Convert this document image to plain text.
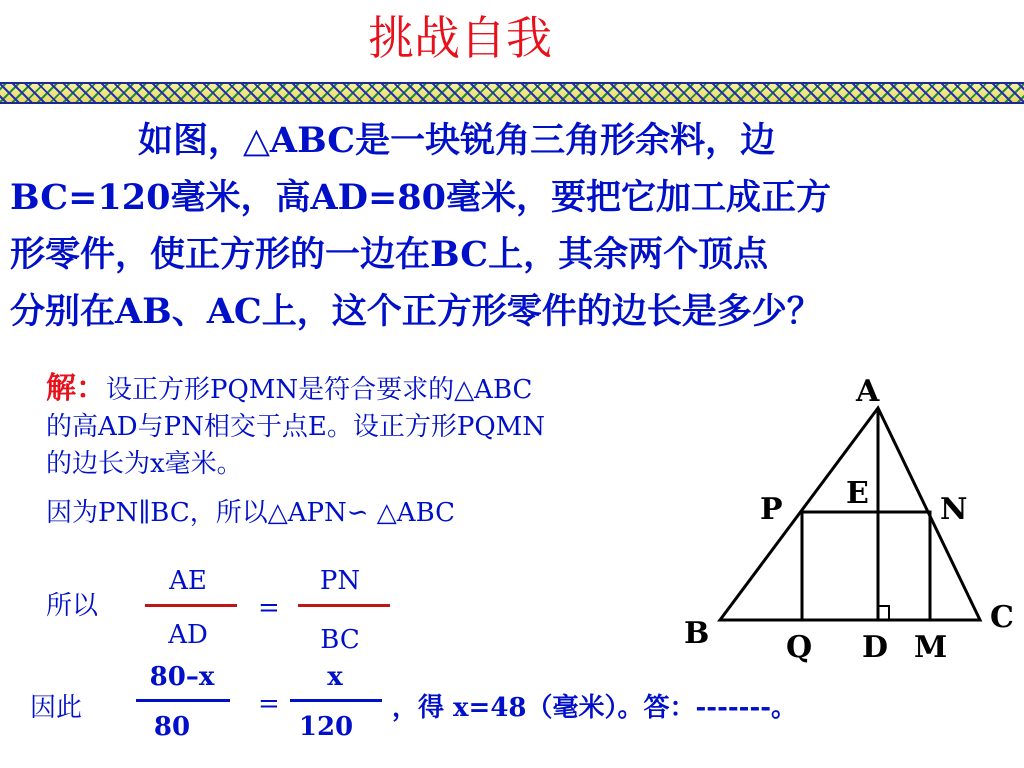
挑战自我
如图，△ABC是一块锐角三角形余料，边
BC=120毫米，高AD=80毫米，要把它加工成正方
形零件，使正方形的一边在BC上，其余两个顶点
分别在AB、AC上，这个正方形零件的边长是多少？
解：设正方形PQMN是符合要求的△ABC
的高AD与PN相交于点E。设正方形PQMN
的边长为x毫米。
因为PN∥BC，所以△APN∽ △ABC
所以
AE
AD
=
PN
BC
因此
80–x
80
=
x
120
，得 x=48（毫米）。答：-------。
A
E
P	N
B	C
Q D M
